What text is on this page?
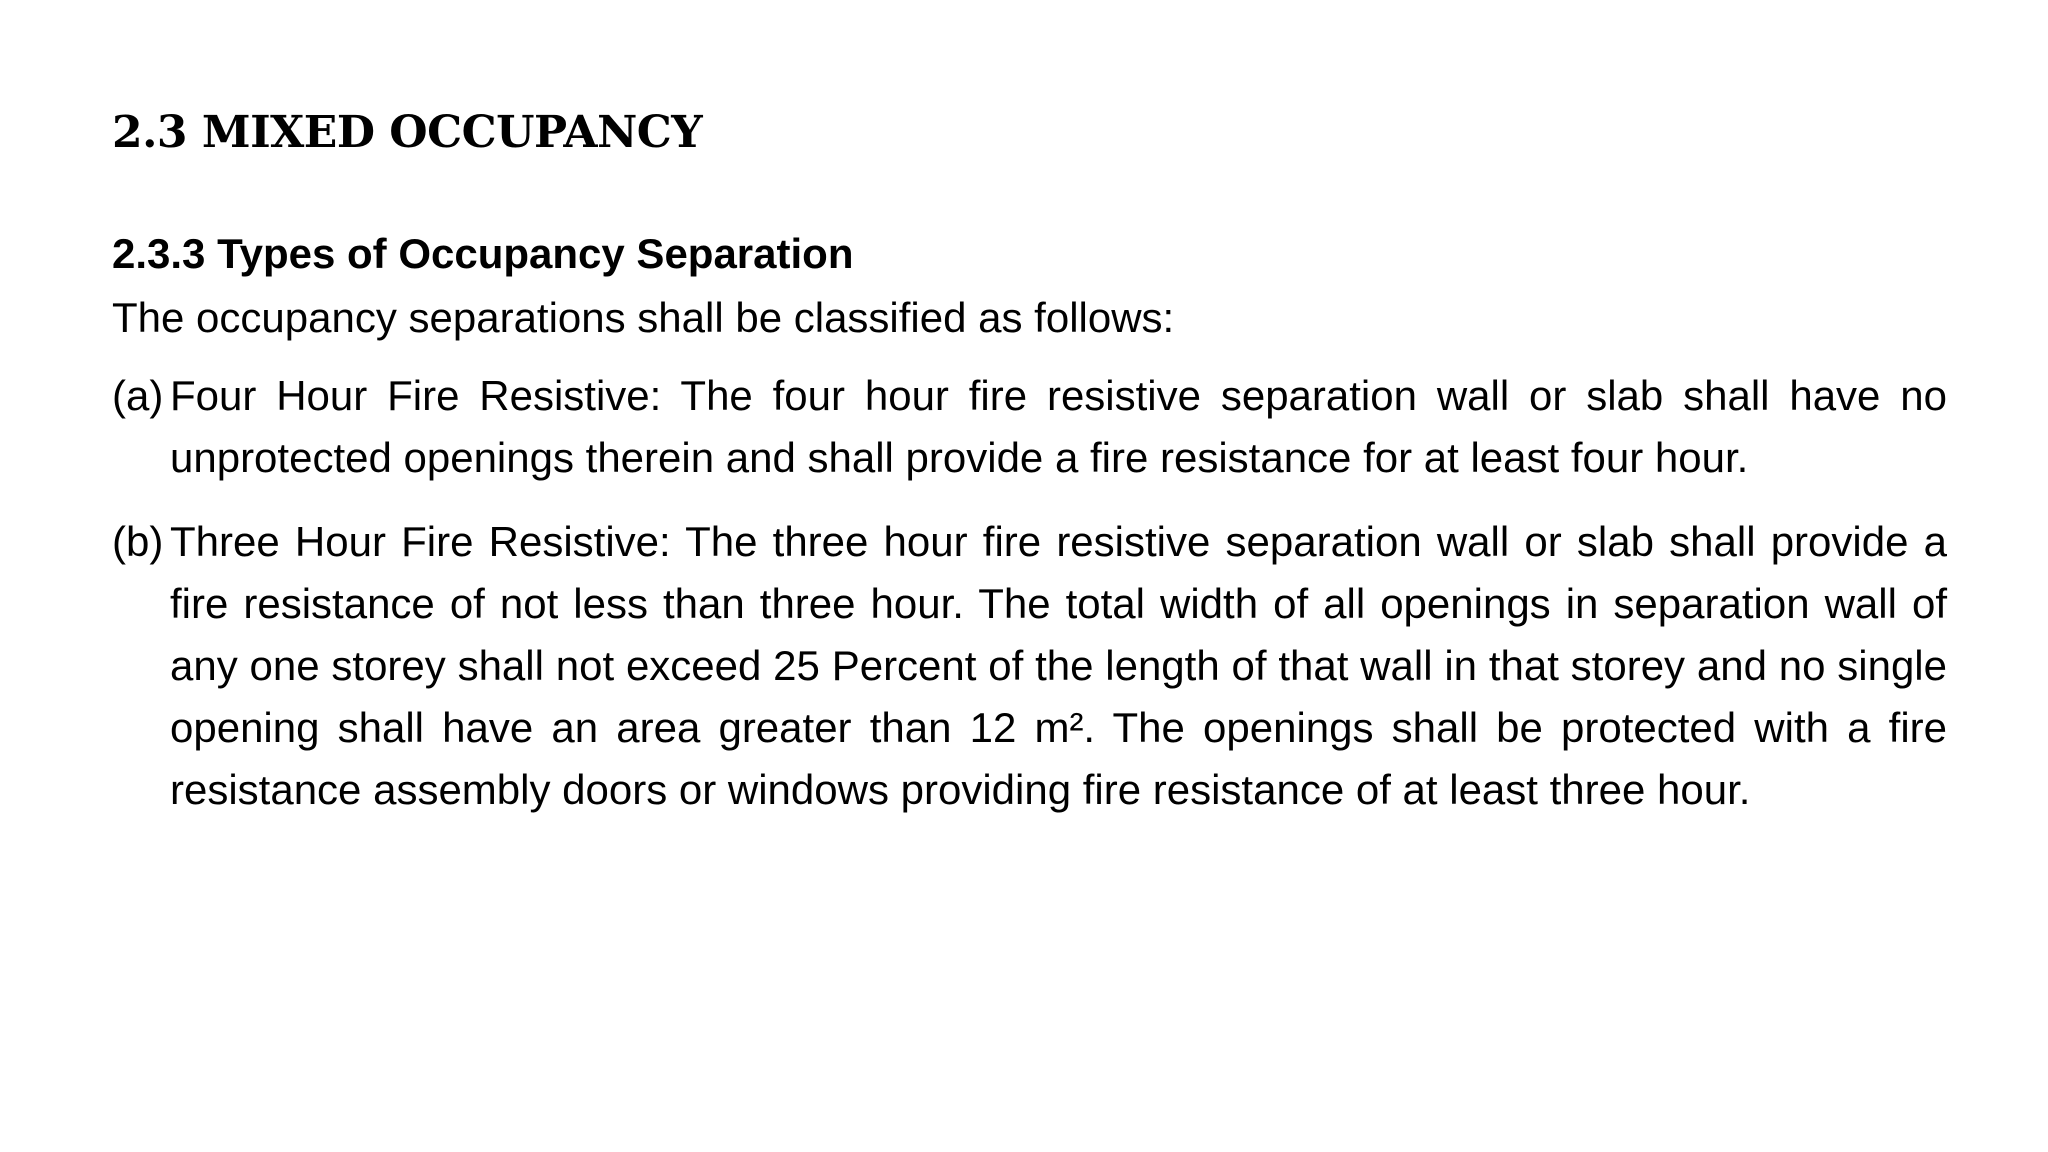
2.3 MIXED OCCUPANCY
2.3.3 Types of Occupancy Separation

The occupancy separations shall be classified as follows:

(a) Four Hour Fire Resistive: The four hour fire resistive separation wall or slab shall have no unprotected openings therein and shall provide a fire resistance for at least four hour.
(b) Three Hour Fire Resistive: The three hour fire resistive separation wall or slab shall provide a fire resistance of not less than three hour. The total width of all openings in separation wall of any one storey shall not exceed 25 Percent of the length of that wall in that storey and no single opening shall have an area greater than 12 m². The openings shall be protected with a fire resistance assembly doors or windows providing fire resistance of at least three hour.
